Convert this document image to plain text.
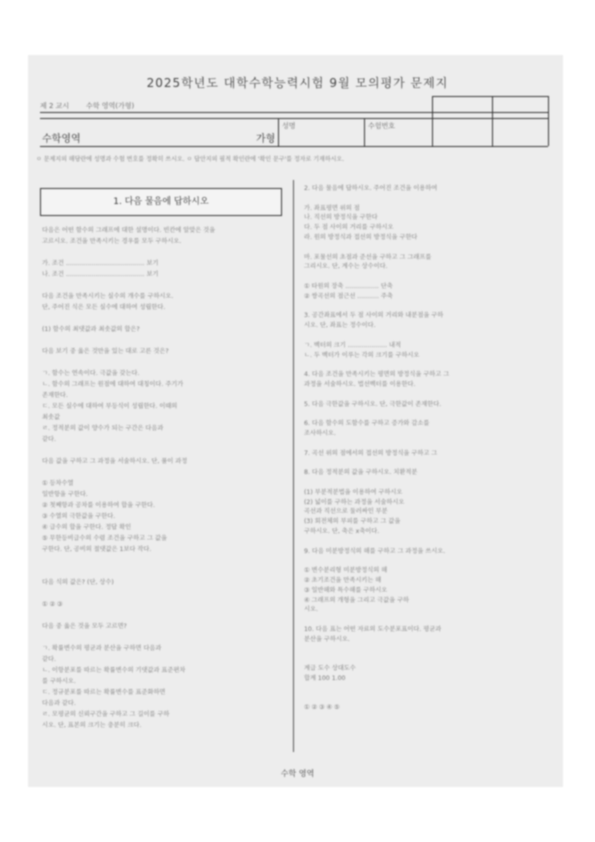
2025학년도 대학수학능력시험 9월 모의평가 문제지
제 2 교시 수학 영역(가형)
수학영역	가형
성명	수험번호
ㅇ 문제지의 해당란에 성명과 수험 번호를 정확히 쓰시오. ㅇ 답안지의 필적 확인란에 '확인 문구'를 정자로 기재하시오.
1. 다음 물음에 답하시오
다음은 어떤 함수의 그래프에 대한 설명이다. 빈칸에 알맞은 것을
고르시오. 조건을 만족시키는 경우를 모두 구하시오.
가. 조건 ........................................ 보기
나. 조건 ........................................ 보기
다음 조건을 만족시키는 실수의 개수를 구하시오.
단, 주어진 식은 모든 실수에 대하여 성립한다.
(1) 함수의 최댓값과 최솟값의 합은?
다음 보기 중 옳은 것만을 있는 대로 고른 것은?
ㄱ. 함수는 연속이다. 극값을 갖는다.
ㄴ. 함수의 그래프는 원점에 대하여 대칭이다. 주기가
존재한다.
ㄷ. 모든 실수에 대하여 부등식이 성립한다. 이때의
최솟값
ㄹ. 정적분의 값이 양수가 되는 구간은 다음과
같다.
다음 값을 구하고 그 과정을 서술하시오. 단, 풀이 과정
① 등차수열
일반항을 구한다.
② 첫째항과 공차를 이용하여 합을 구한다.
③ 수열의 극한값을 구한다.
④ 급수의 합을 구한다. 정답 확인
⑤ 무한등비급수의 수렴 조건을 구하고 그 값을
구한다. 단, 공비의 절댓값은 1보다 작다.
다음 식의 값은? (단, 상수)
① ② ③
다음 중 옳은 것을 모두 고르면?
ㄱ. 확률변수의 평균과 분산을 구하면 다음과
같다.
ㄴ. 이항분포를 따르는 확률변수의 기댓값과 표준편차
를 구하시오.
ㄷ. 정규분포를 따르는 확률변수를 표준화하면
다음과 같다.
ㄹ. 모평균의 신뢰구간을 구하고 그 길이를 구하
시오. 단, 표본의 크기는 충분히 크다.
2. 다음 물음에 답하시오. 주어진 조건을 이용하여
가. 좌표평면 위의 점
나. 직선의 방정식을 구한다
다. 두 점 사이의 거리를 구하시오
라. 원의 방정식과 접선의 방정식을 구한다
마. 포물선의 초점과 준선을 구하고 그 그래프를
그리시오. 단, 계수는 상수이다.
① 타원의 장축 ................. 단축
② 쌍곡선의 점근선 ........... 주축
3. 공간좌표에서 두 점 사이의 거리와 내분점을 구하
시오. 단, 좌표는 정수이다.
ㄱ. 벡터의 크기 .................... 내적
ㄴ. 두 벡터가 이루는 각의 크기를 구하시오
4. 다음 조건을 만족시키는 평면의 방정식을 구하고 그
과정을 서술하시오. 법선벡터를 이용한다.
5. 다음 극한값을 구하시오. 단, 극한값이 존재한다.
6. 다음 함수의 도함수를 구하고 증가와 감소를
조사하시오.
7. 곡선 위의 점에서의 접선의 방정식을 구하고 그
8. 다음 정적분의 값을 구하시오. 치환적분
(1) 부분적분법을 이용하여 구하시오
(2) 넓이를 구하는 과정을 서술하시오
곡선과 직선으로 둘러싸인 부분
(3) 회전체의 부피를 구하고 그 값을
구하시오. 단, 축은 x축이다.
9. 다음 미분방정식의 해를 구하고 그 과정을 쓰시오.
① 변수분리형 미분방정식의 해
② 초기조건을 만족시키는 해
③ 일반해와 특수해를 구하시오
④ 그래프의 개형을 그리고 극값을 구하
시오.
10. 다음 표는 어떤 자료의 도수분포표이다. 평균과
분산을 구하시오.
계급 도수 상대도수
합계 100 1.00
① ② ③ ④ ⑤
수학 영역
